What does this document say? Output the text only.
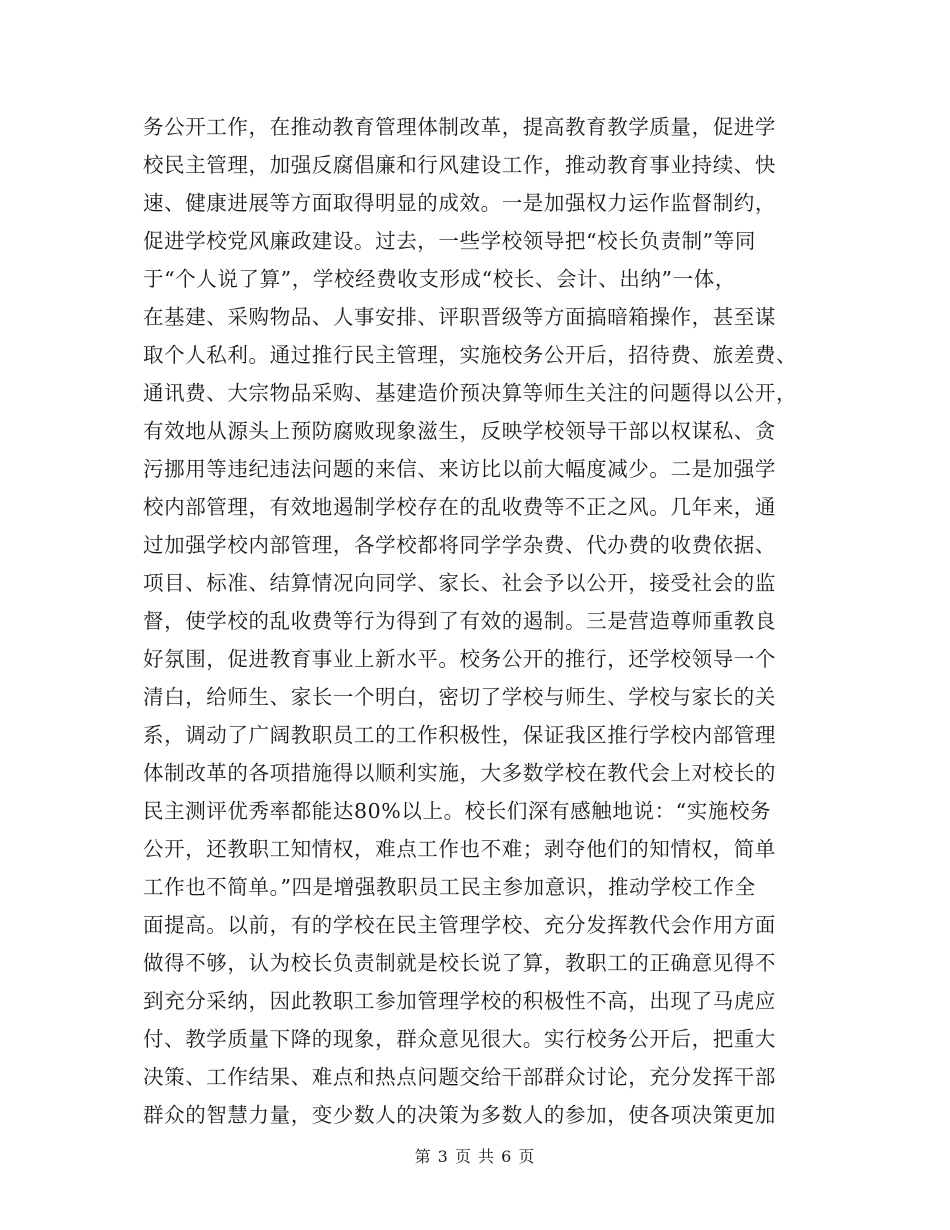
务公开工作，在推动教育管理体制改革，提高教育教学质量，促进学
校民主管理，加强反腐倡廉和行风建设工作，推动教育事业持续、快
速、健康进展等方面取得明显的成效。一是加强权力运作监督制约，
促进学校党风廉政建设。过去，一些学校领导把“校长负责制”等同
于“个人说了算”，学校经费收支形成“校长、会计、出纳”一体，
在基建、采购物品、人事安排、评职晋级等方面搞暗箱操作，甚至谋
取个人私利。通过推行民主管理，实施校务公开后，招待费、旅差费、
通讯费、大宗物品采购、基建造价预决算等师生关注的问题得以公开，
有效地从源头上预防腐败现象滋生，反映学校领导干部以权谋私、贪
污挪用等违纪违法问题的来信、来访比以前大幅度减少。二是加强学
校内部管理，有效地遏制学校存在的乱收费等不正之风。几年来，通
过加强学校内部管理，各学校都将同学学杂费、代办费的收费依据、
项目、标准、结算情况向同学、家长、社会予以公开，接受社会的监
督，使学校的乱收费等行为得到了有效的遏制。三是营造尊师重教良
好氛围，促进教育事业上新水平。校务公开的推行，还学校领导一个
清白，给师生、家长一个明白，密切了学校与师生、学校与家长的关
系，调动了广阔教职员工的工作积极性，保证我区推行学校内部管理
体制改革的各项措施得以顺利实施，大多数学校在教代会上对校长的
民主测评优秀率都能达80%以上。校长们深有感触地说：“实施校务
公开，还教职工知情权，难点工作也不难；剥夺他们的知情权，简单
工作也不简单。”四是增强教职员工民主参加意识，推动学校工作全
面提高。以前，有的学校在民主管理学校、充分发挥教代会作用方面
做得不够，认为校长负责制就是校长说了算，教职工的正确意见得不
到充分采纳，因此教职工参加管理学校的积极性不高，出现了马虎应
付、教学质量下降的现象，群众意见很大。实行校务公开后，把重大
决策、工作结果、难点和热点问题交给干部群众讨论，充分发挥干部
群众的智慧力量，变少数人的决策为多数人的参加，使各项决策更加
第 3 页 共 6 页
